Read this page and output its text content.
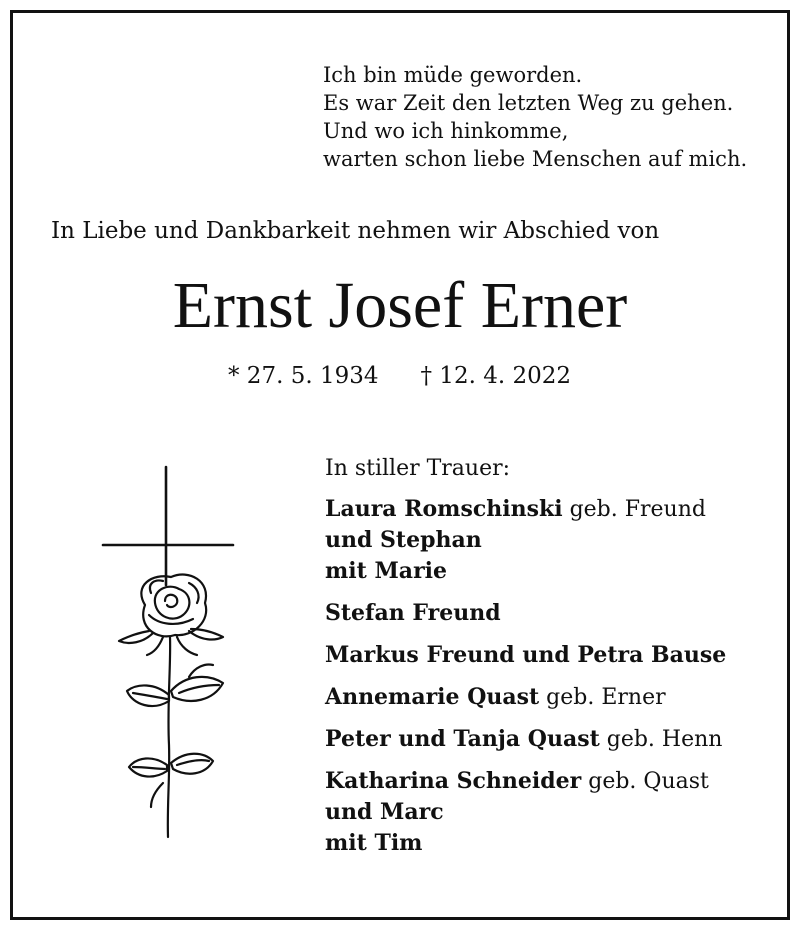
Ich bin müde geworden.
Es war Zeit den letzten Weg zu gehen.
Und wo ich hinkomme,
warten schon liebe Menschen auf mich.
In Liebe und Dankbarkeit nehmen wir Abschied von
Ernst Josef Erner
* 27. 5. 1934 † 12. 4. 2022
In stiller Trauer:
Laura Romschinski geb. Freund
und Stephan
mit Marie
Stefan Freund
Markus Freund und Petra Bause
Annemarie Quast geb. Erner
Peter und Tanja Quast geb. Henn
Katharina Schneider geb. Quast
und Marc
mit Tim
